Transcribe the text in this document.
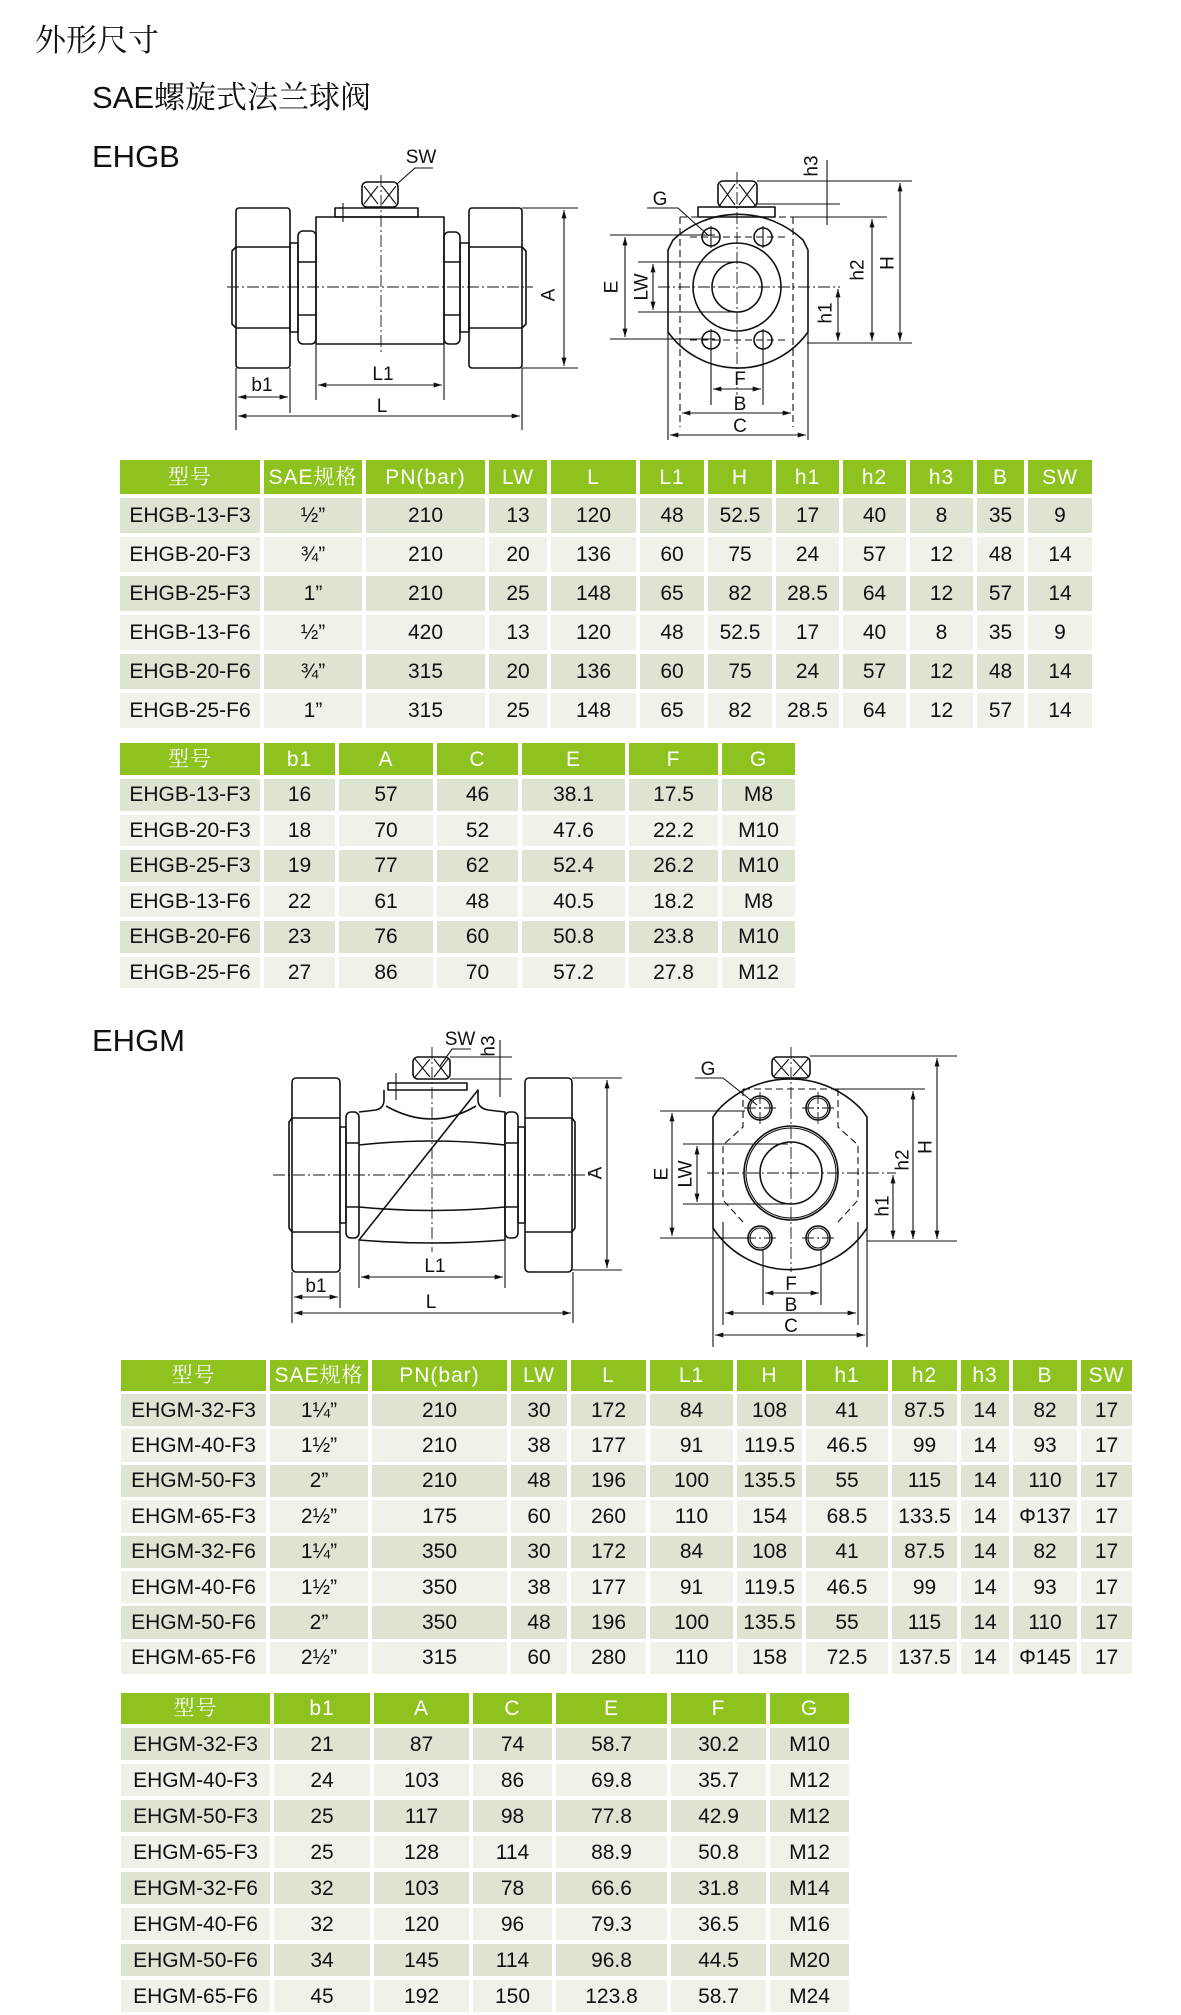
外形尺寸
SAE螺旋式法兰球阀
EHGB
A
L1
b1
L
SW
G
E LW
h3
h1
h2 H
F
B
C
型号	SAE规格	PN(bar)	LW	L	L1	H	h1	h2	h3	B	SW
EHGB-13-F3	½”	210	13	120	48	52.5	17	40	8	35	9
EHGB-20-F3	¾”	210	20	136	60	75	24	57	12	48	14
EHGB-25-F3	1”	210	25	148	65	82	28.5	64	12	57	14
EHGB-13-F6	½”	420	13	120	48	52.5	17	40	8	35	9
EHGB-20-F6	¾”	315	20	136	60	75	24	57	12	48	14
EHGB-25-F6	1”	315	25	148	65	82	28.5	64	12	57	14
型号	b1	A	C	E	F	G
EHGB-13-F3	16	57	46	38.1	17.5	M8
EHGB-20-F3	18	70	52	47.6	22.2	M10
EHGB-25-F3	19	77	62	52.4	26.2	M10
EHGB-13-F6	22	61	48	40.5	18.2	M8
EHGB-20-F6	23	76	60	50.8	23.8	M10
EHGB-25-F6	27	86	70	57.2	27.8	M12
EHGM	h3
SW
A
L1
b1
L
G
E LW
h1
h2
H
F
B
C
型号	SAE规格	PN(bar)	LW	L	L1	H	h1	h2	h3	B	SW
EHGM-32-F3	1¼”	210	30	172	84	108	41	87.5	14	82	17
EHGM-40-F3	1½”	210	38	177	91	119.5	46.5	99	14	93	17
EHGM-50-F3	2”	210	48	196	100	135.5	55	115	14	110	17
EHGM-65-F3	2½”	175	60	260	110	154	68.5	133.5	14	Φ137	17
EHGM-32-F6	1¼”	350	30	172	84	108	41	87.5	14	82	17
EHGM-40-F6	1½”	350	38	177	91	119.5	46.5	99	14	93	17
EHGM-50-F6	2”	350	48	196	100	135.5	55	115	14	110	17
EHGM-65-F6	2½”	315	60	280	110	158	72.5	137.5	14	Φ145	17
型号	b1	A	C	E	F	G
EHGM-32-F3	21	87	74	58.7	30.2	M10
EHGM-40-F3	24	103	86	69.8	35.7	M12
EHGM-50-F3	25	117	98	77.8	42.9	M12
EHGM-65-F3	25	128	114	88.9	50.8	M12
EHGM-32-F6	32	103	78	66.6	31.8	M14
EHGM-40-F6	32	120	96	79.3	36.5	M16
EHGM-50-F6	34	145	114	96.8	44.5	M20
EHGM-65-F6	45	192	150	123.8	58.7	M24
